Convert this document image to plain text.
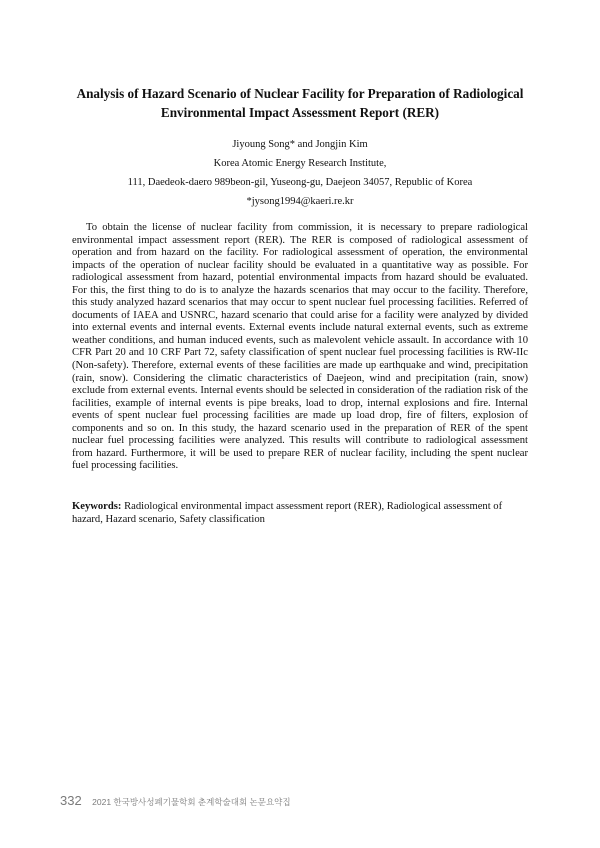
Analysis of Hazard Scenario of Nuclear Facility for Preparation of Radiological Environmental Impact Assessment Report (RER)
Jiyoung Song* and Jongjin Kim
Korea Atomic Energy Research Institute,
111, Daedeok-daero 989beon-gil, Yuseong-gu, Daejeon 34057, Republic of Korea
*jysong1994@kaeri.re.kr

To obtain the license of nuclear facility from commission, it is necessary to prepare radiological environmental impact assessment report (RER). The RER is composed of radiological assessment of operation and from hazard on the facility. For radiological assessment of operation, the environmental impacts of the operation of nuclear facility should be evaluated in a quantitative way as possible. For radiological assessment from hazard, potential environmental impacts from hazard should be evaluated. For this, the first thing to do is to analyze the hazards scenarios that may occur to the facility. Therefore, this study analyzed hazard scenarios that may occur to spent nuclear fuel processing facilities. Referred of documents of IAEA and USNRC, hazard scenario that could arise for a facility were analyzed by divided into external events and internal events. External events include natural external events, such as extreme weather conditions, and human induced events, such as malevolent vehicle assault. In accordance with 10 CFR Part 20 and 10 CRF Part 72, safety classification of spent nuclear fuel processing facilities is RW-IIc (Non-safety). Therefore, external events of these facilities are made up earthquake and wind, precipitation (rain, snow). Considering the climatic characteristics of Daejeon, wind and precipitation (rain, snow) exclude from external events. Internal events should be selected in consideration of the radiation risk of the facilities, example of internal events is pipe breaks, load to drop, internal explosions and fire. Internal events of spent nuclear fuel processing facilities are made up load drop, fire of filters, explosion of components and so on. In this study, the hazard scenario used in the preparation of RER of the spent nuclear fuel processing facilities were analyzed. This results will contribute to radiological assessment from hazard. Furthermore, it will be used to prepare RER of nuclear facility, including the spent nuclear fuel processing facilities.

Keywords: Radiological environmental impact assessment report (RER), Radiological assessment of hazard, Hazard scenario, Safety classification

332 2021 한국방사성폐기물학회 춘계학술대회 논문요약집
